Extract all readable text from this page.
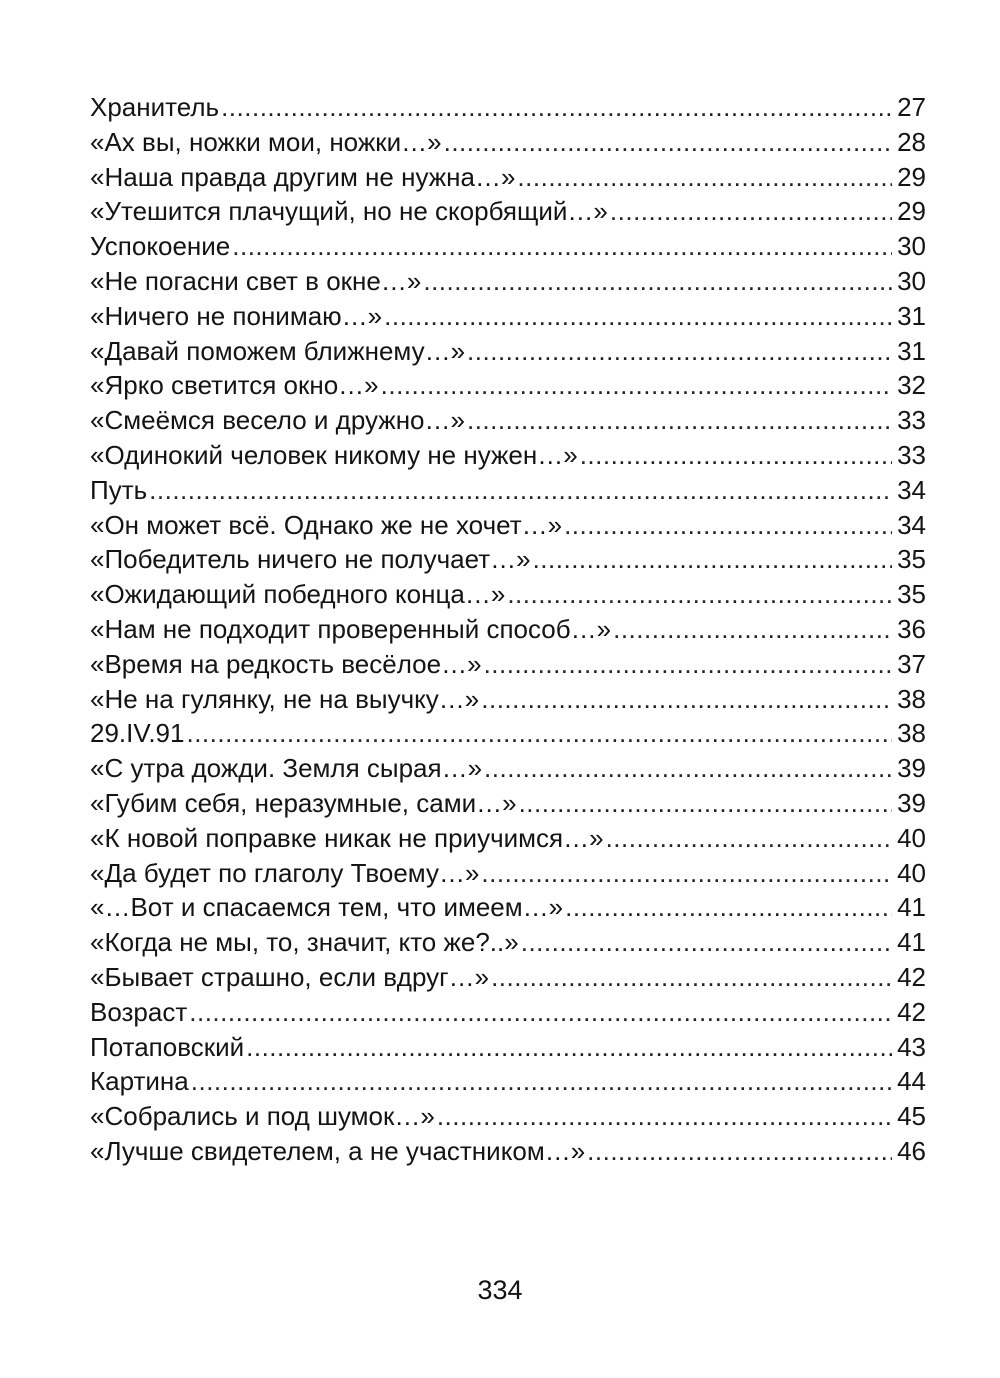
Хранитель .....	27
«Ах вы, ножки мои, ножки…» .....	28
«Наша правда другим не нужна…» .....	29
«Утешится плачущий, но не скорбящий…» .....	29
Успокоение .....	30
«Не погасни свет в окне…» .....	30
«Ничего не понимаю…» .....	31
«Давай поможем ближнему…» .....	31
«Ярко светится окно…» .....	32
«Смеёмся весело и дружно…» .....	33
«Одинокий человек никому не нужен…» .....	33
Путь .....	34
«Он может всё. Однако же не хочет…» .....	34
«Победитель ничего не получает…» .....	35
«Ожидающий победного конца…» .....	35
«Нам не подходит проверенный способ…» .....	36
«Время на редкость весёлое…» .....	37
«Не на гулянку, не на выучку…» .....	38
29.IV.91 .....	38
«С утра дожди. Земля сырая…» .....	39
«Губим себя, неразумные, сами…» .....	39
«К новой поправке никак не приучимся…» .....	40
«Да будет по глаголу Твоему…» .....	40
«…Вот и спасаемся тем, что имеем…» .....	41
«Когда не мы, то, значит, кто же?..» .....	41
«Бывает страшно, если вдруг…» .....	42
Возраст .....	42
Потаповский .....	43
Картина .....	44
«Собрались и под шумок…» .....	45
«Лучше свидетелем, а не участником…» .....	46
334
